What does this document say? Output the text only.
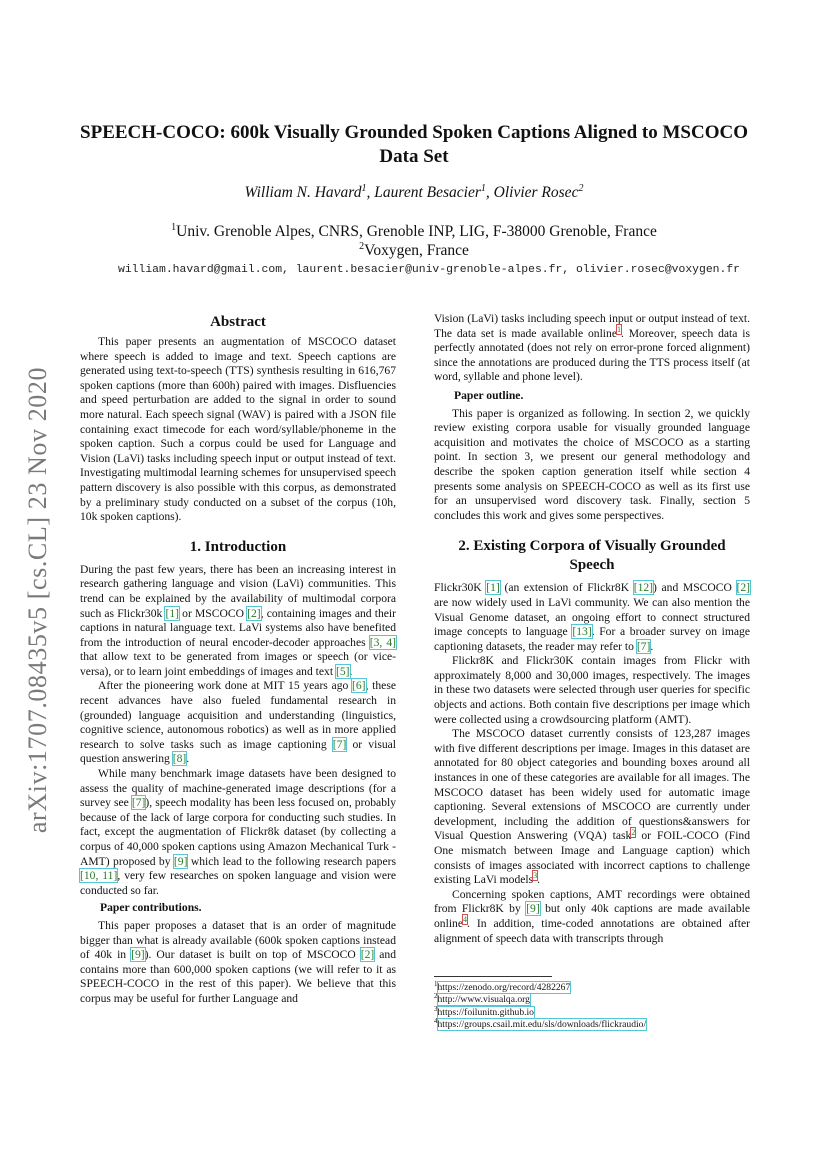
arXiv:1707.08435v5 [cs.CL] 23 Nov 2020
SPEECH-COCO: 600k Visually Grounded Spoken Captions Aligned to MSCOCO Data Set
William N. Havard$^1$, Laurent Besacier$^1$, Olivier Rosec$^2$
$^1$Univ. Grenoble Alpes, CNRS, Grenoble INP, LIG, F-38000 Grenoble, France
$^2$Voxygen, France
william.havard@gmail.com, laurent.besacier@univ-grenoble-alpes.fr, olivier.rosec@voxygen.fr
Abstract

This paper presents an augmentation of MSCOCO dataset where speech is added to image and text. Speech captions are generated using text-to-speech (TTS) synthesis resulting in 616,767 spoken captions (more than 600h) paired with images. Disfluencies and speed perturbation are added to the signal in order to sound more natural. Each speech signal (WAV) is paired with a JSON file containing exact timecode for each word/syllable/phoneme in the spoken caption. Such a corpus could be used for Language and Vision (LaVi) tasks including speech input or output instead of text. Investigating multimodal learning schemes for unsupervised speech pattern discovery is also possible with this corpus, as demonstrated by a preliminary study conducted on a subset of the corpus (10h, 10k spoken captions).

1. Introduction

During the past few years, there has been an increasing interest in research gathering language and vision (LaVi) communities. This trend can be explained by the availability of multimodal corpora such as Flickr30k [1] or MSCOCO [2], containing images and their captions in natural language text. LaVi systems also have benefited from the introduction of neural encoder-decoder approaches [3, 4] that allow text to be generated from images or speech (or vice-versa), or to learn joint embeddings of images and text [5].

After the pioneering work done at MIT 15 years ago [6], these recent advances have also fueled fundamental research in (grounded) language acquisition and understanding (linguistics, cognitive science, autonomous robotics) as well as in more applied research to solve tasks such as image captioning [7] or visual question answering [8].

While many benchmark image datasets have been designed to assess the quality of machine-generated image descriptions (for a survey see [7]), speech modality has been less focused on, probably because of the lack of large corpora for conducting such studies. In fact, except the augmentation of Flickr8k dataset (by collecting a corpus of 40,000 spoken captions using Amazon Mechanical Turk - AMT) proposed by [9] which lead to the following research papers [10, 11], very few researches on spoken language and vision were conducted so far.

Paper contributions.

This paper proposes a dataset that is an order of magnitude bigger than what is already available (600k spoken captions instead of 40k in [9]). Our dataset is built on top of MSCOCO [2] and contains more than 600,000 spoken captions (we will refer to it as SPEECH-COCO in the rest of this paper). We believe that this corpus may be useful for further Language and

Vision (LaVi) tasks including speech input or output instead of text. The data set is made available online$^1$. Moreover, speech data is perfectly annotated (does not rely on error-prone forced alignment) since the annotations are produced during the TTS process itself (at word, syllable and phone level).

Paper outline.

This paper is organized as following. In section 2, we quickly review existing corpora usable for visually grounded language acquisition and motivates the choice of MSCOCO as a starting point. In section 3, we present our general methodology and describe the spoken caption generation itself while section 4 presents some analysis on SPEECH-COCO as well as its first use for an unsupervised word discovery task. Finally, section 5 concludes this work and gives some perspectives.

2. Existing Corpora of Visually Grounded Speech

Flickr30K [1] (an extension of Flickr8K [12]) and MSCOCO [2] are now widely used in LaVi community. We can also mention the Visual Genome dataset, an ongoing effort to connect structured image concepts to language [13]. For a broader survey on image captioning datasets, the reader may refer to [7].

Flickr8K and Flickr30K contain images from Flickr with approximately 8,000 and 30,000 images, respectively. The images in these two datasets were selected through user queries for specific objects and actions. Both contain five descriptions per image which were collected using a crowdsourcing platform (AMT).

The MSCOCO dataset currently consists of 123,287 images with five different descriptions per image. Images in this dataset are annotated for 80 object categories and bounding boxes around all instances in one of these categories are available for all images. The MSCOCO dataset has been widely used for automatic image captioning. Several extensions of MSCOCO are currently under development, including the addition of questions&answers for Visual Question Answering (VQA) task$^2$ or FOIL-COCO (Find One mismatch between Image and Language caption) which consists of images associated with incorrect captions to challenge existing LaVi models$^3$.

Concerning spoken captions, AMT recordings were obtained from Flickr8K by [9] but only 40k captions are made available online$^4$. In addition, time-coded annotations are obtained after alignment of speech data with transcripts through

$^1$https://zenodo.org/record/4282267
$^2$http://www.visualqa.org
$^3$https://foilunitn.github.io
$^4$https://groups.csail.mit.edu/sls/downloads/flickraudio/
